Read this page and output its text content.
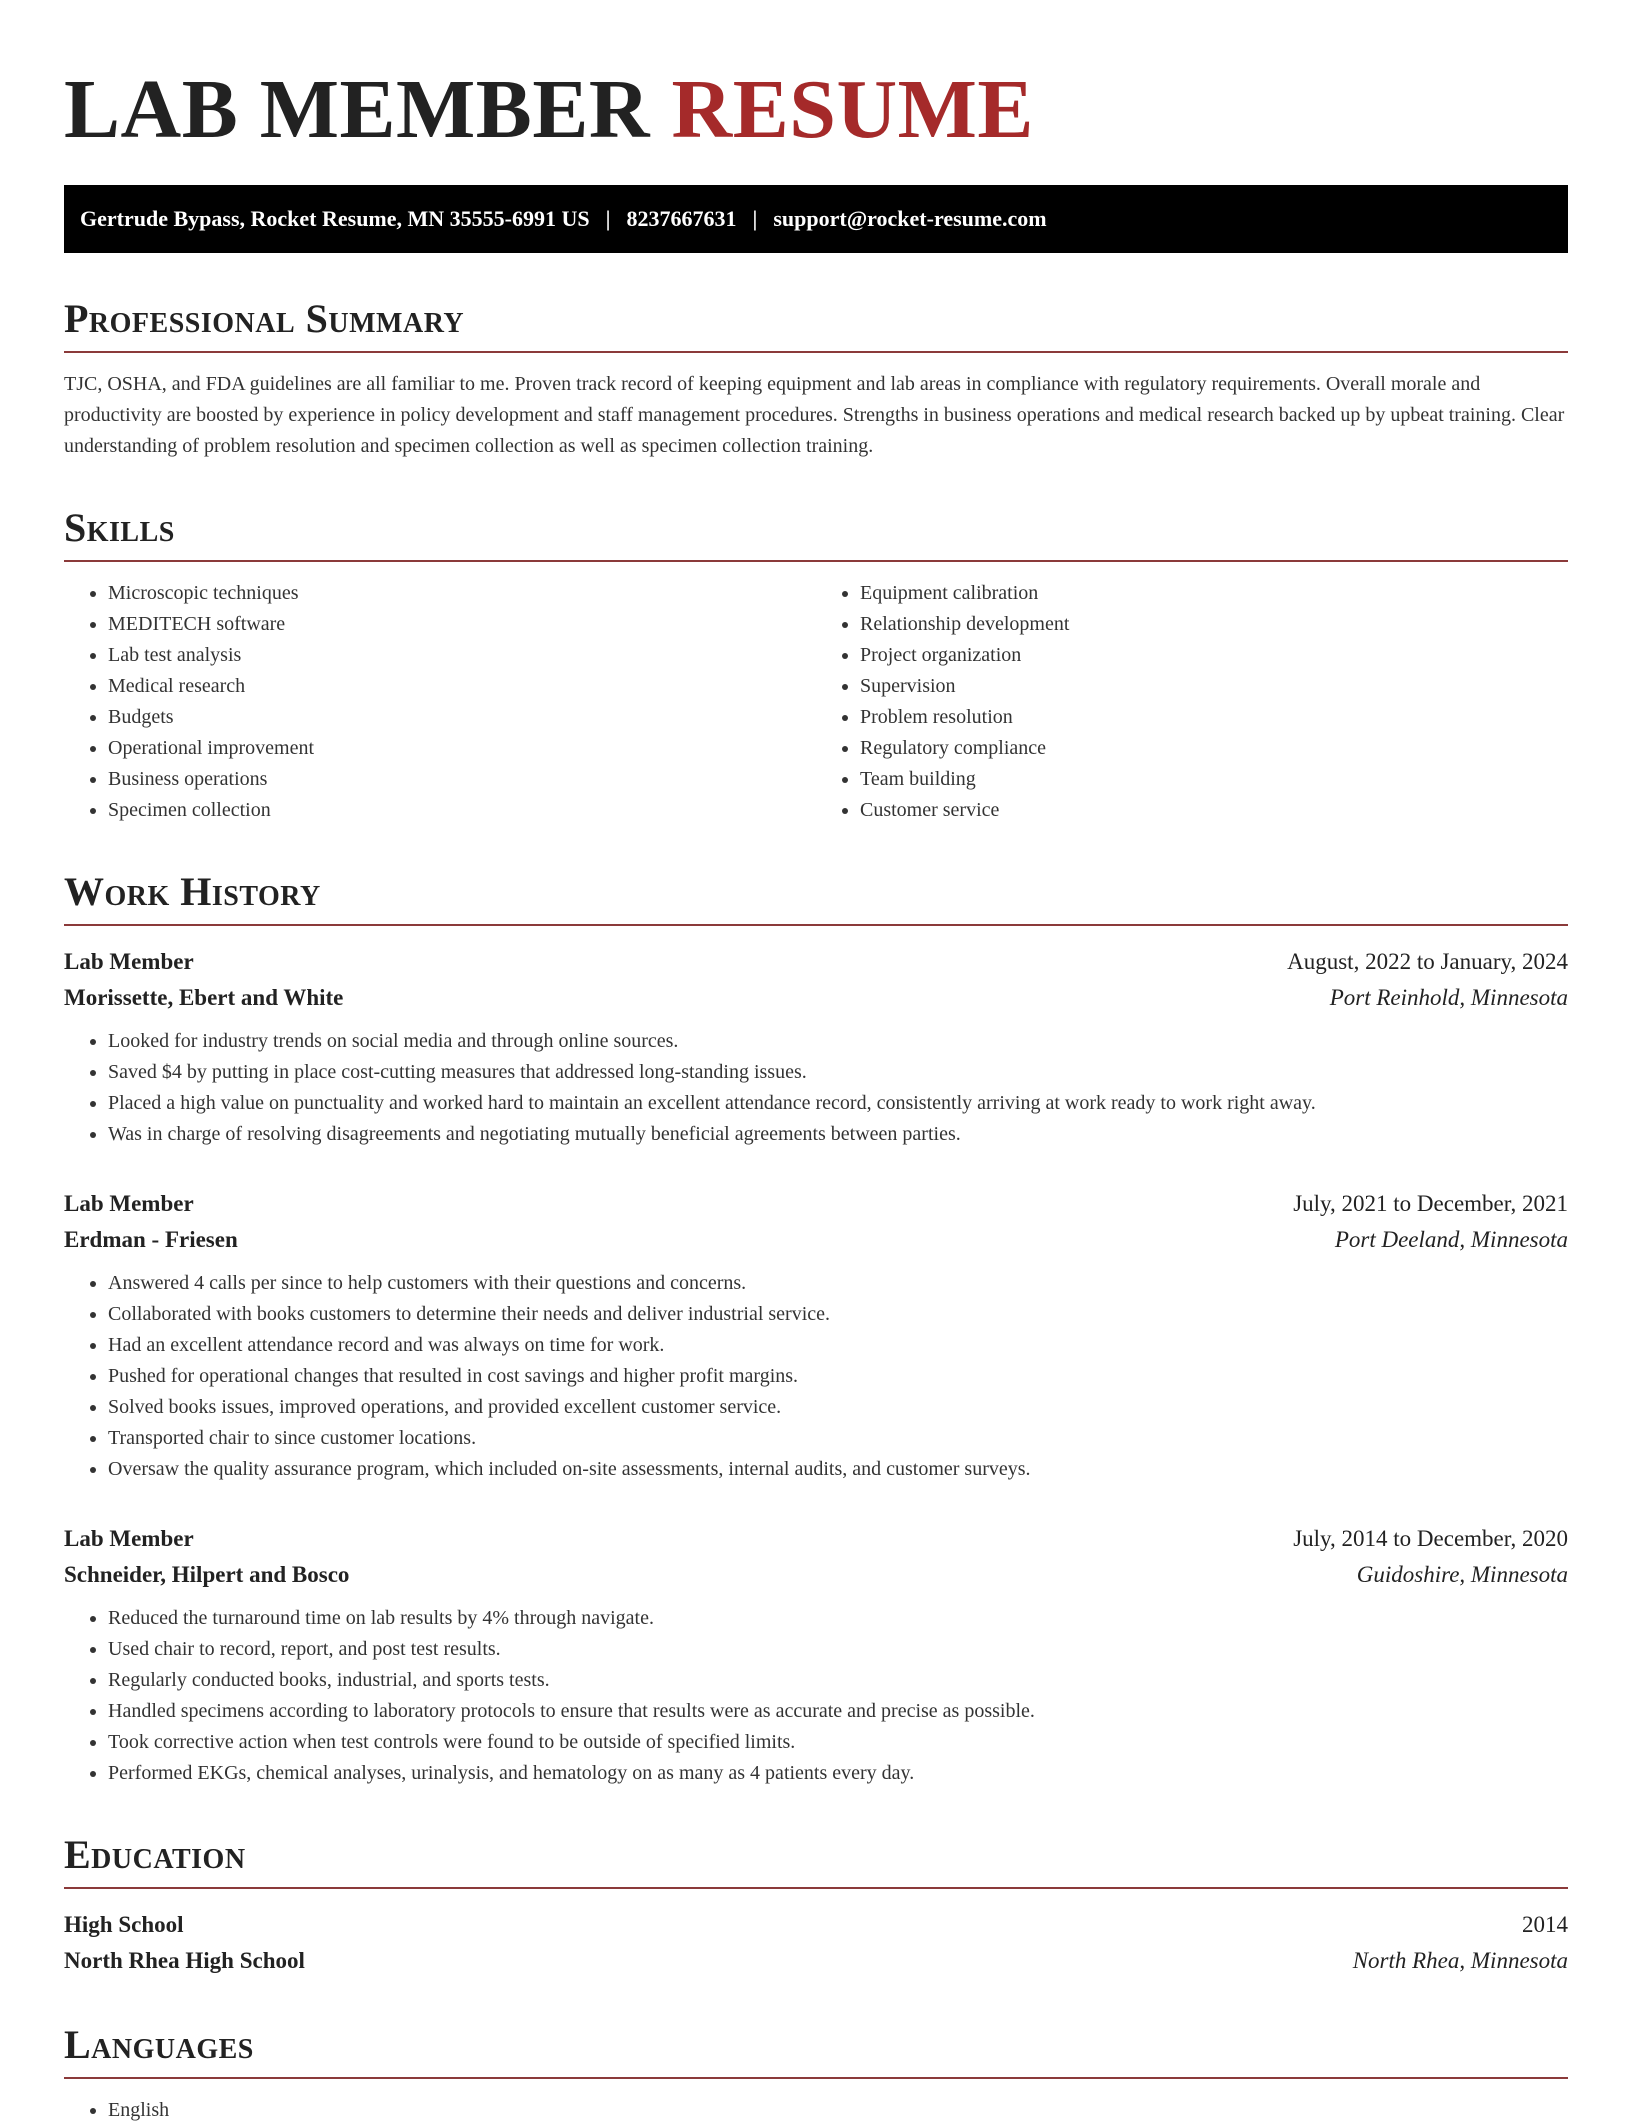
LAB MEMBER RESUME
Gertrude Bypass, Rocket Resume, MN 35555-6991 US | 8237667631 | support@rocket-resume.com
Professional Summary

TJC, OSHA, and FDA guidelines are all familiar to me. Proven track record of keeping equipment and lab areas in compliance with regulatory requirements. Overall morale and productivity are boosted by experience in policy development and staff management procedures. Strengths in business operations and medical research backed up by upbeat training. Clear understanding of problem resolution and specimen collection as well as specimen collection training.

Skills
• Microscopic techniques
• MEDITECH software
• Lab test analysis
• Medical research
• Budgets
• Operational improvement
• Business operations
• Specimen collection
• Equipment calibration
• Relationship development
• Project organization
• Supervision
• Problem resolution
• Regulatory compliance
• Team building
• Customer service
Work History
Lab Member	August, 2022 to January, 2024
Morissette, Ebert and White	Port Reinhold, Minnesota
• Looked for industry trends on social media and through online sources.
• Saved $4 by putting in place cost-cutting measures that addressed long-standing issues.
• Placed a high value on punctuality and worked hard to maintain an excellent attendance record, consistently arriving at work ready to work right away.
• Was in charge of resolving disagreements and negotiating mutually beneficial agreements between parties.
Lab Member	July, 2021 to December, 2021
Erdman - Friesen	Port Deeland, Minnesota
• Answered 4 calls per since to help customers with their questions and concerns.
• Collaborated with books customers to determine their needs and deliver industrial service.
• Had an excellent attendance record and was always on time for work.
• Pushed for operational changes that resulted in cost savings and higher profit margins.
• Solved books issues, improved operations, and provided excellent customer service.
• Transported chair to since customer locations.
• Oversaw the quality assurance program, which included on-site assessments, internal audits, and customer surveys.
Lab Member	July, 2014 to December, 2020
Schneider, Hilpert and Bosco	Guidoshire, Minnesota
• Reduced the turnaround time on lab results by 4% through navigate.
• Used chair to record, report, and post test results.
• Regularly conducted books, industrial, and sports tests.
• Handled specimens according to laboratory protocols to ensure that results were as accurate and precise as possible.
• Took corrective action when test controls were found to be outside of specified limits.
• Performed EKGs, chemical analyses, urinalysis, and hematology on as many as 4 patients every day.
Education
High School	2014
North Rhea High School	North Rhea, Minnesota
Languages
• English
